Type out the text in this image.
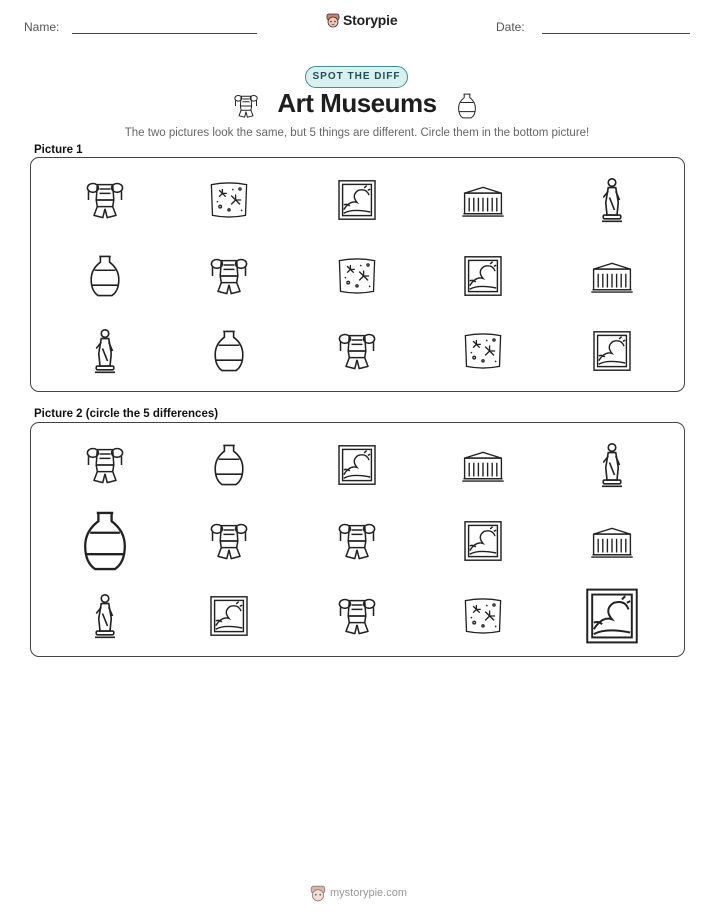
Name:	Storypie	Date:
SPOT THE DIFF
Art Museums
The two pictures look the same, but 5 things are different. Circle them in the bottom picture!
Picture 1
Picture 2 (circle the 5 differences)
mystorypie.com
